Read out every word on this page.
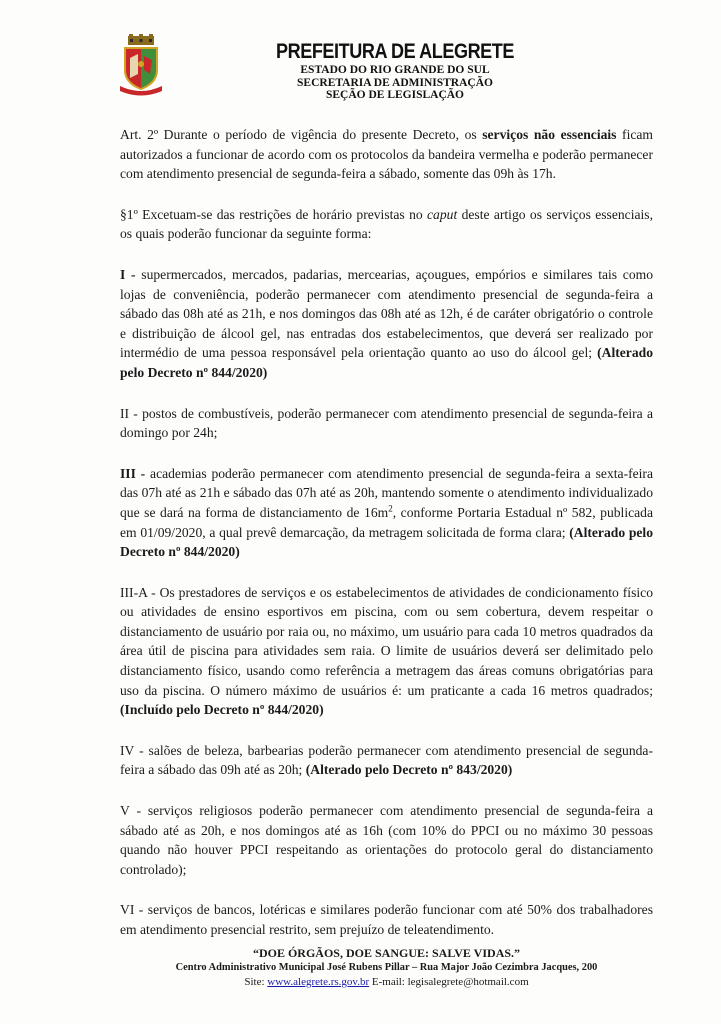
PREFEITURA DE ALEGRETE
ESTADO DO RIO GRANDE DO SUL
SECRETARIA DE ADMINISTRAÇÃO
SEÇÃO DE LEGISLAÇÃO

Art. 2º Durante o período de vigência do presente Decreto, os serviços não essenciais ficam autorizados a funcionar de acordo com os protocolos da bandeira vermelha e poderão permanecer com atendimento presencial de segunda-feira a sábado, somente das 09h às 17h.

§1º Excetuam-se das restrições de horário previstas no caput deste artigo os serviços essenciais, os quais poderão funcionar da seguinte forma:

I - supermercados, mercados, padarias, mercearias, açougues, empórios e similares tais como lojas de conveniência, poderão permanecer com atendimento presencial de segunda-feira a sábado das 08h até as 21h, e nos domingos das 08h até as 12h, é de caráter obrigatório o controle e distribuição de álcool gel, nas entradas dos estabelecimentos, que deverá ser realizado por intermédio de uma pessoa responsável pela orientação quanto ao uso do álcool gel; (Alterado pelo Decreto nº 844/2020)

II - postos de combustíveis, poderão permanecer com atendimento presencial de segunda-feira a domingo por 24h;

III - academias poderão permanecer com atendimento presencial de segunda-feira a sexta-feira das 07h até as 21h e sábado das 07h até as 20h, mantendo somente o atendimento individualizado que se dará na forma de distanciamento de $16m^2$, conforme Portaria Estadual nº 582, publicada em 01/09/2020, a qual prevê demarcação, da metragem solicitada de forma clara; (Alterado pelo Decreto nº 844/2020)

III-A - Os prestadores de serviços e os estabelecimentos de atividades de condicionamento físico ou atividades de ensino esportivos em piscina, com ou sem cobertura, devem respeitar o distanciamento de usuário por raia ou, no máximo, um usuário para cada 10 metros quadrados da área útil de piscina para atividades sem raia. O limite de usuários deverá ser delimitado pelo distanciamento físico, usando como referência a metragem das áreas comuns obrigatórias para uso da piscina. O número máximo de usuários é: um praticante a cada 16 metros quadrados; (Incluído pelo Decreto nº 844/2020)

IV - salões de beleza, barbearias poderão permanecer com atendimento presencial de segunda-feira a sábado das 09h até as 20h; (Alterado pelo Decreto nº 843/2020)

V - serviços religiosos poderão permanecer com atendimento presencial de segunda-feira a sábado até as 20h, e nos domingos até as 16h (com 10% do PPCI ou no máximo 30 pessoas quando não houver PPCI respeitando as orientações do protocolo geral do distanciamento controlado);

VI - serviços de bancos, lotéricas e similares poderão funcionar com até 50% dos trabalhadores em atendimento presencial restrito, sem prejuízo de teleatendimento.

“DOE ÓRGÃOS, DOE SANGUE: SALVE VIDAS.”
Centro Administrativo Municipal José Rubens Pillar – Rua Major João Cezimbra Jacques, 200
Site: www.alegrete.rs.gov.br E-mail: legisalegrete@hotmail.com
